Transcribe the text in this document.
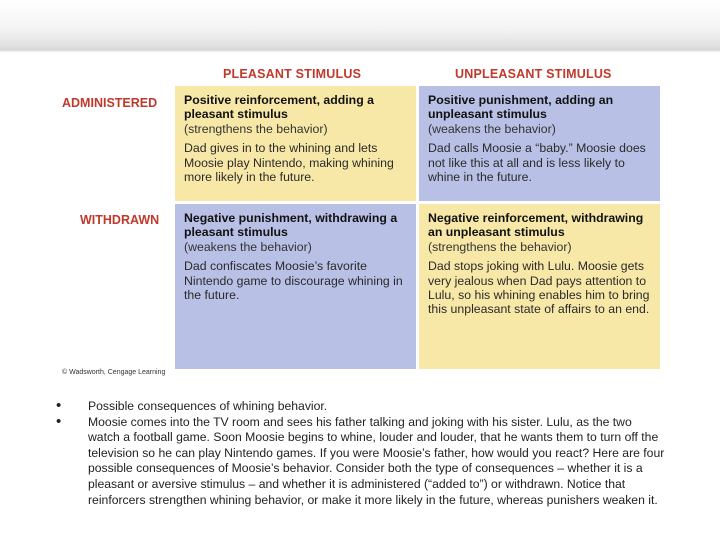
PLEASANT STIMULUS	UNPLEASANT STIMULUS
ADMINISTERED
WITHDRAWN
Positive reinforcement, adding a pleasant stimulus
(strengthens the behavior)
Dad gives in to the whining and lets Moosie play Nintendo, making whining more likely in the future.
Positive punishment, adding an unpleasant stimulus
(weakens the behavior)
Dad calls Moosie a “baby.” Moosie does not like this at all and is less likely to whine in the future.
Negative punishment, withdrawing a pleasant stimulus
(weakens the behavior)
Dad confiscates Moosie’s favorite Nintendo game to discourage whining in the future.
Negative reinforcement, withdrawing an unpleasant stimulus
(strengthens the behavior)
Dad stops joking with Lulu. Moosie gets very jealous when Dad pays attention to Lulu, so his whining enables him to bring this unpleasant state of affairs to an end.
© Wadsworth, Cengage Learning
• Possible consequences of whining behavior.
• Moosie comes into the TV room and sees his father talking and joking with his sister. Lulu, as the two watch a football game. Soon Moosie begins to whine, louder and louder, that he wants them to turn off the television so he can play Nintendo games. If you were Moosie’s father, how would you react? Here are four possible consequences of Moosie’s behavior. Consider both the type of consequences – whether it is a pleasant or aversive stimulus – and whether it is administered (“added to”) or withdrawn. Notice that reinforcers strengthen whining behavior, or make it more likely in the future, whereas punishers weaken it.
